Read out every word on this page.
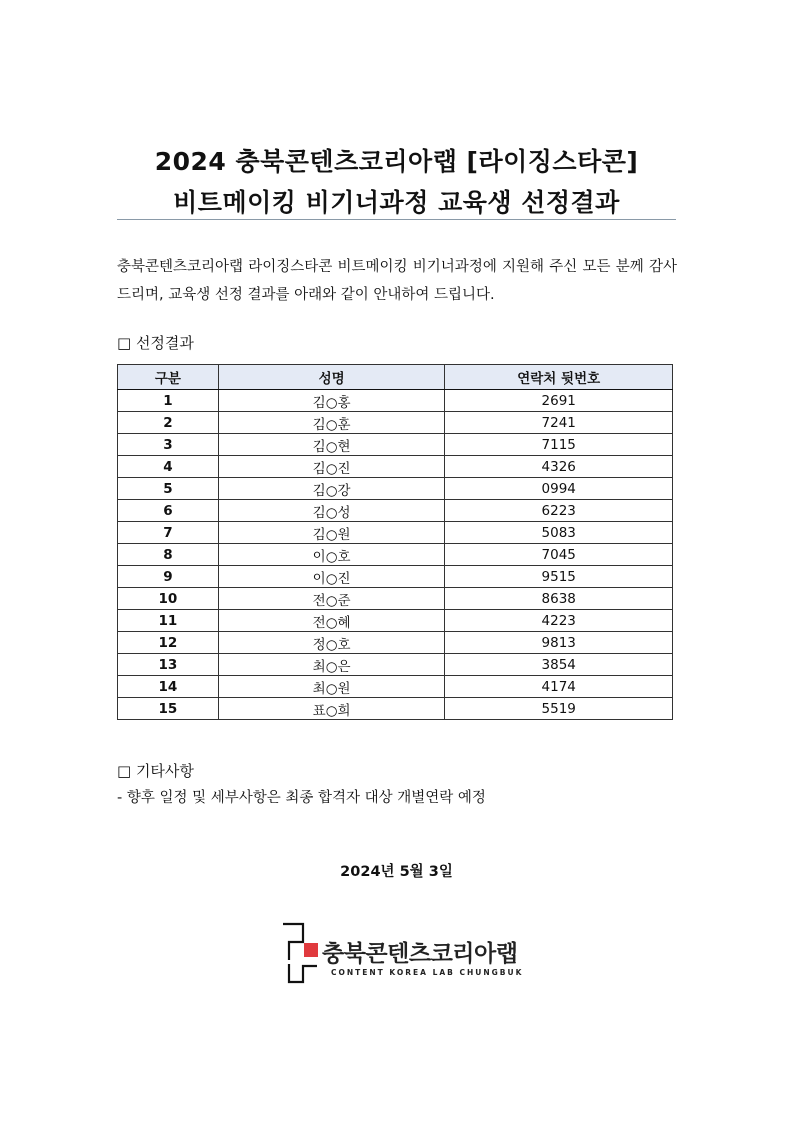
2024 충북콘텐츠코리아랩 [라이징스타콘]
비트메이킹 비기너과정 교육생 선정결과
충북콘텐츠코리아랩 라이징스타콘 비트메이킹 비기너과정에 지원해 주신 모든 분께 감사드리며, 교육생 선정 결과를 아래와 같이 안내하여 드립니다.
□ 선정결과
구분	성명	연락처 뒷번호
1	김○홍	2691
2	김○훈	7241
3	김○현	7115
4	김○진	4326
5	김○강	0994
6	김○성	6223
7	김○원	5083
8	이○호	7045
9	이○진	9515
10	전○준	8638
11	전○혜	4223
12	정○호	9813
13	최○은	3854
14	최○원	4174
15	표○희	5519
□ 기타사항
- 향후 일정 및 세부사항은 최종 합격자 대상 개별연락 예정
2024년 5월 3일
충북콘텐츠코리아랩
CONTENT KOREA LAB CHUNGBUK
